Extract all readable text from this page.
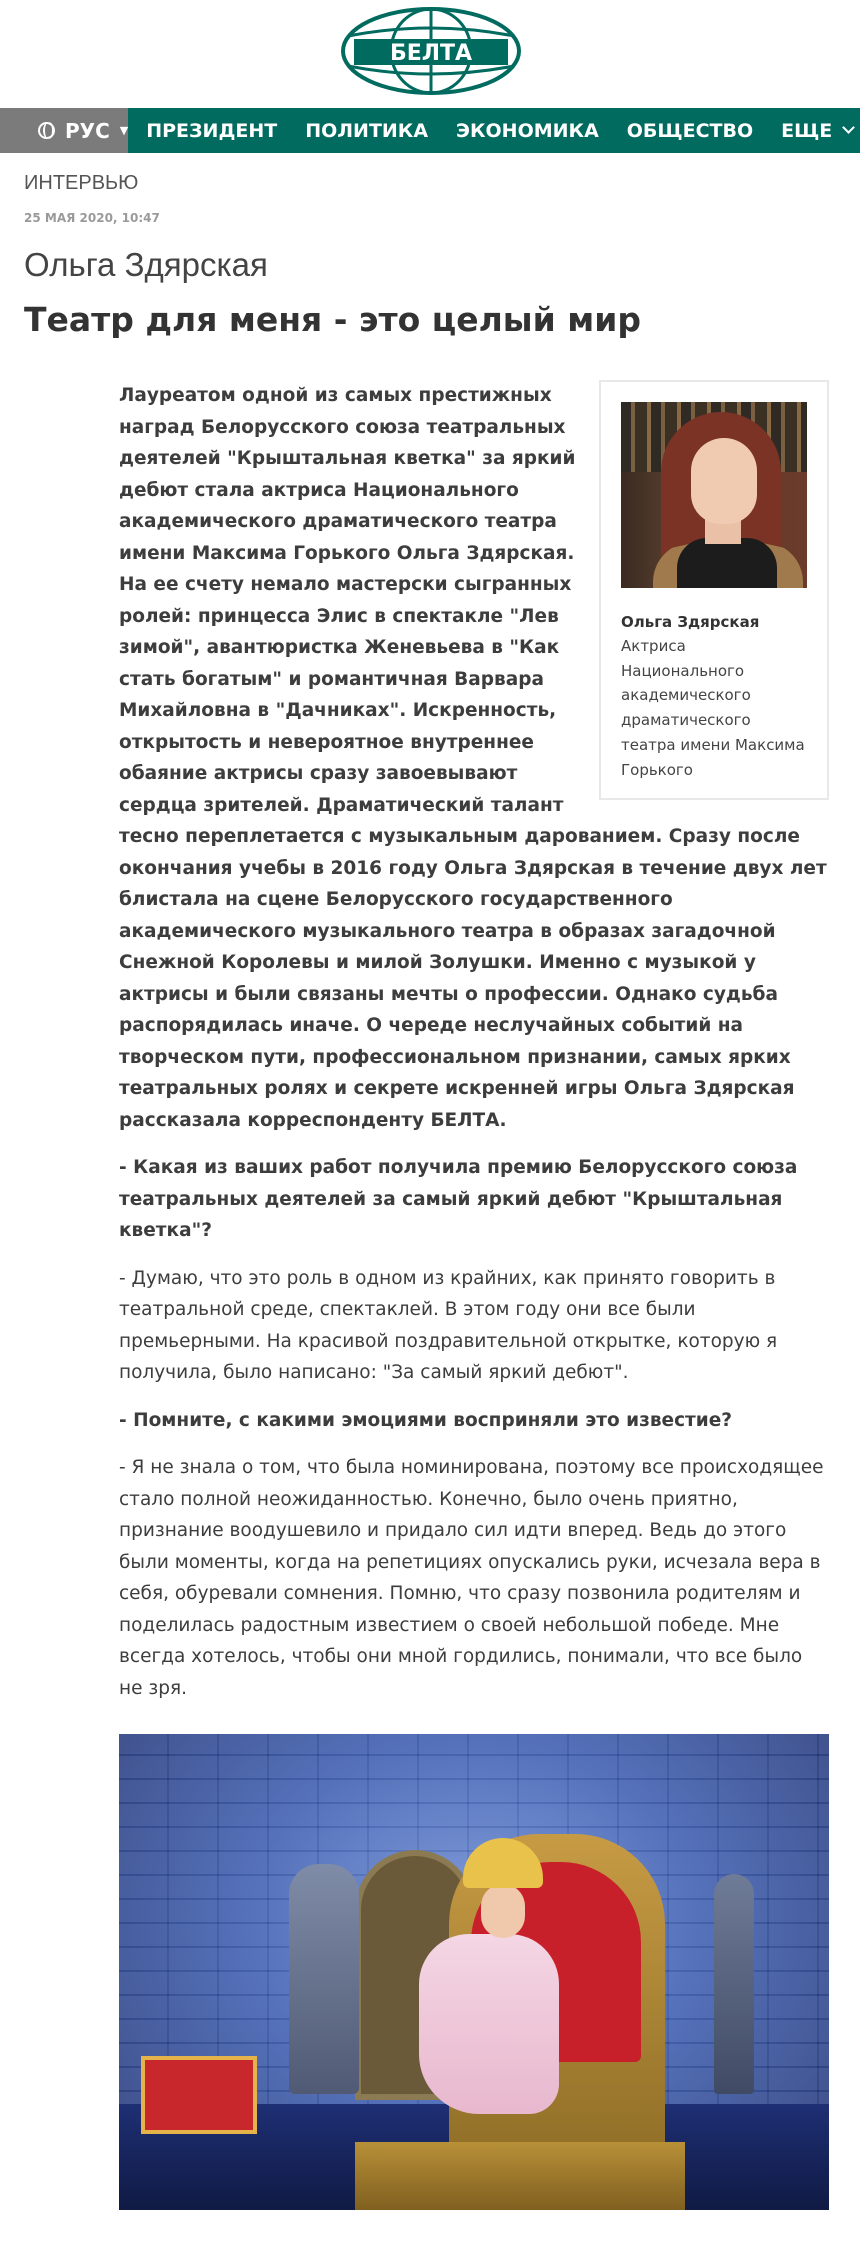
БЕЛТА
РУС ▼ ПРЕЗИДЕНТ ПОЛИТИКА ЭКОНОМИКА ОБЩЕСТВО ЕЩЕ
ИНТЕРВЬЮ
25 МАЯ 2020, 10:47
Ольга Здярская
Театр для меня - это целый мир
Ольга Здярская
Актриса Национального академического драматического театра имени Максима Горького

Лауреатом одной из самых престижных наград Белорусского союза театральных деятелей "Крыштальная кветка" за яркий дебют стала актриса Национального академического драматического театра имени Максима Горького Ольга Здярская. На ее счету немало мастерски сыгранных ролей: принцесса Элис в спектакле "Лев зимой", авантюристка Женевьева в "Как стать богатым" и романтичная Варвара Михайловна в "Дачниках". Искренность, открытость и невероятное внутреннее обаяние актрисы сразу завоевывают сердца зрителей. Драматический талант тесно переплетается с музыкальным дарованием. Сразу после окончания учебы в 2016 году Ольга Здярская в течение двух лет блистала на сцене Белорусского государственного академического музыкального театра в образах загадочной Снежной Королевы и милой Золушки. Именно с музыкой у актрисы и были связаны мечты о профессии. Однако судьба распорядилась иначе. О череде неслучайных событий на творческом пути, профессиональном признании, самых ярких театральных ролях и секрете искренней игры Ольга Здярская рассказала корреспонденту БЕЛТА.

- Какая из ваших работ получила премию Белорусского союза театральных деятелей за самый яркий дебют "Крыштальная кветка"?

- Думаю, что это роль в одном из крайних, как принято говорить в театральной среде, спектаклей. В этом году они все были премьерными. На красивой поздравительной открытке, которую я получила, было написано: "За самый яркий дебют".

- Помните, с какими эмоциями восприняли это известие?

- Я не знала о том, что была номинирована, поэтому все происходящее стало полной неожиданностью. Конечно, было очень приятно, признание воодушевило и придало сил идти вперед. Ведь до этого были моменты, когда на репетициях опускались руки, исчезала вера в себя, обуревали сомнения. Помню, что сразу позвонила родителям и поделилась радостным известием о своей небольшой победе. Мне всегда хотелось, чтобы они мной гордились, понимали, что все было не зря.
